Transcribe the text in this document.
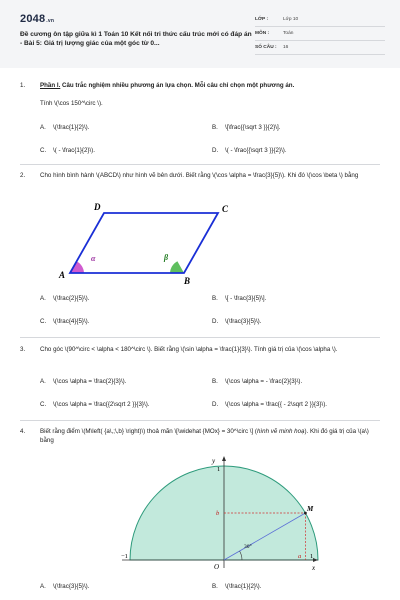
2048.vn
Đề cương ôn tập giữa kì 1 Toán 10 Kết nối tri thức cấu trúc mới có đáp án - Bài 5: Giá trị lượng giác của một góc từ 0...
LỚP :	Lớp 10
MÔN :	Toán
SỐ CÂU :	16
1.	Phần I. Câu trắc nghiệm nhiều phương án lựa chọn. Mỗi câu chỉ chọn một phương án.
Tính \(\cos 150^\circ \).
A.	\(\frac{1}{2}\).	B.	\[\frac{{\sqrt 3 }}{2}\].
C.	\( - \frac{1}{2}\).	D.	\( - \frac{{\sqrt 3 }}{2}\).
2.	Cho hình bình hành \(ABCD\) như hình vẽ bên dưới. Biết rằng \(\cos \alpha = \frac{3}{5}\). Khi đó \(\cos \beta \) bằng
A
B
C
D
α	β
A.	\(\frac{2}{5}\).	B.	\[ - \frac{3}{5}\].
C.	\(\frac{4}{5}\).	D.	\(\frac{3}{5}\).
3.	Cho góc \(90^\circ < \alpha < 180^\circ \). Biết rằng \(\sin \alpha = \frac{1}{3}\). Tính giá trị của \(\cos \alpha \).
A.	\(\cos \alpha = \frac{2}{3}\).	B.	\(\cos \alpha = - \frac{2}{3}\).
C.	\(\cos \alpha = \frac{{2\sqrt 2 }}{3}\).	D.	\(\cos \alpha = \frac{{ - 2\sqrt 2 }}{3}\).
4.	Biết rằng điểm \(M\left( {a\,;\,b} \right)\) thoả mãn \[\widehat {MOx} = 30^\circ \] (hình vẽ minh hoạ). Khi đó giá trị của \(a\) bằng
y
1
b
M
30°
−1
O
a 1
x
A.	\(\frac{3}{5}\).	B.	\(\frac{1}{2}\).
